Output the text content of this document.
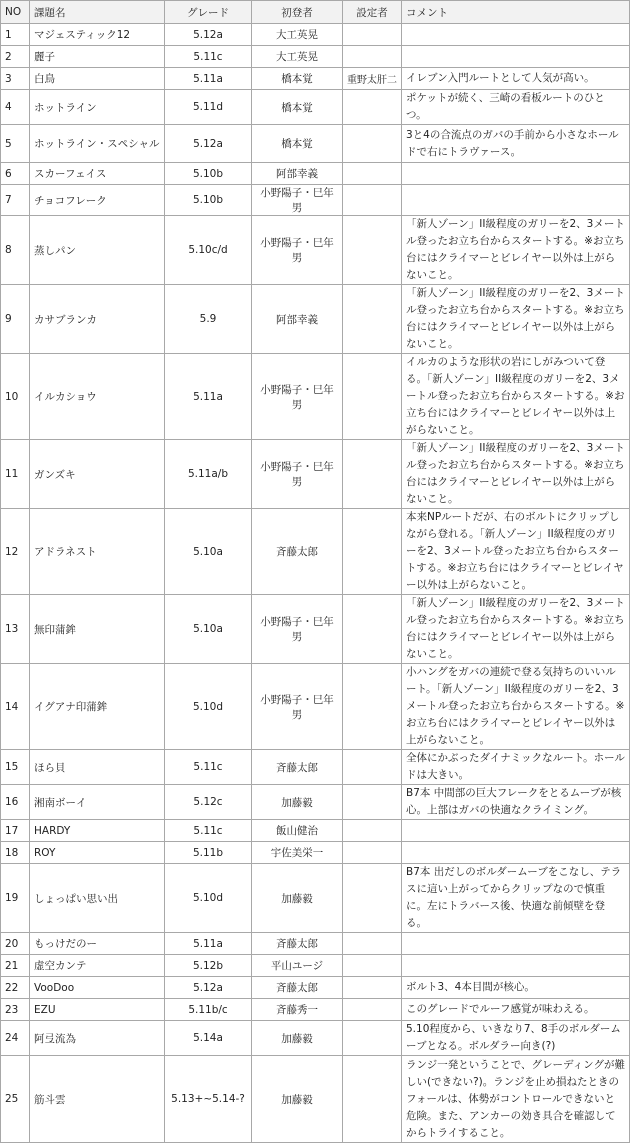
NO	課題名	グレード	初登者	設定者	コメント
1	マジェスティック12	5.12a	大工英晃		
2	麗子	5.11c	大工英晃		
3	白鳥	5.11a	橋本覚	重野太肝二	イレブン入門ルートとして人気が高い。
4	ホットライン	5.11d	橋本覚		ポケットが続く、三崎の看板ルートのひとつ。
5	ホットライン・スペシャル	5.12a	橋本覚		3と4の合流点のガバの手前から小さなホールドで右にトラヴァース。
6	スカーフェイス	5.10b	阿部幸義		
7	チョコフレーク	5.10b	小野陽子・巳年男		
8	蒸しパン	5.10c/d	小野陽子・巳年男		「新人ゾーン」II級程度のガリーを2、3メートル登ったお立ち台からスタートする。※お立ち台にはクライマーとビレイヤー以外は上がらないこと。
9	カサブランカ	5.9	阿部幸義		「新人ゾーン」II級程度のガリーを2、3メートル登ったお立ち台からスタートする。※お立ち台にはクライマーとビレイヤー以外は上がらないこと。
10	イルカショウ	5.11a	小野陽子・巳年男		イルカのような形状の岩にしがみついて登る。「新人ゾーン」II級程度のガリーを2、3メートル登ったお立ち台からスタートする。※お立ち台にはクライマーとビレイヤー以外は上がらないこと。
11	ガンズキ	5.11a/b	小野陽子・巳年男		「新人ゾーン」II級程度のガリーを2、3メートル登ったお立ち台からスタートする。※お立ち台にはクライマーとビレイヤー以外は上がらないこと。
12	アドラネスト	5.10a	斉藤太郎		本来NPルートだが、右のボルトにクリップしながら登れる。「新人ゾーン」II級程度のガリーを2、3メートル登ったお立ち台からスタートする。※お立ち台にはクライマーとビレイヤー以外は上がらないこと。
13	無印蒲鉾	5.10a	小野陽子・巳年男		「新人ゾーン」II級程度のガリーを2、3メートル登ったお立ち台からスタートする。※お立ち台にはクライマーとビレイヤー以外は上がらないこと。
14	イグアナ印蒲鉾	5.10d	小野陽子・巳年男		小ハングをガバの連続で登る気持ちのいいルート。「新人ゾーン」II級程度のガリーを2、3メートル登ったお立ち台からスタートする。※お立ち台にはクライマーとビレイヤー以外は上がらないこと。
15	ほら貝	5.11c	斉藤太郎		全体にかぶったダイナミックなルート。ホールドは大きい。
16	湘南ボーイ	5.12c	加藤毅		B7本 中間部の巨大フレークをとるムーブが核心。上部はガバの快適なクライミング。
17	HARDY	5.11c	飯山健治		
18	ROY	5.11b	宇佐美栄一		
19	しょっぱい思い出	5.10d	加藤毅		B7本 出だしのボルダームーブをこなし、テラスに這い上がってからクリップなので慎重に。左にトラバース後、快適な前傾壁を登る。
20	もっけだのー	5.11a	斉藤太郎		
21	虚空カンテ	5.12b	平山ユージ		
22	VooDoo	5.12a	斉藤太郎		ボルト3、4本目間が核心。
23	EZU	5.11b/c	斉藤秀一		このグレードでルーフ感覚が味わえる。
24	阿弖流為	5.14a	加藤毅		5.10程度から、いきなり7、8手のボルダームーブとなる。ボルダラー向き(?)
25	筋斗雲	5.13+~5.14-?	加藤毅		ランジ一発ということで、グレーディングが難しい(できない?)。ランジを止め損ねたときのフォールは、体勢がコントロールできないと危険。また、アンカーの効き具合を確認してからトライすること。
